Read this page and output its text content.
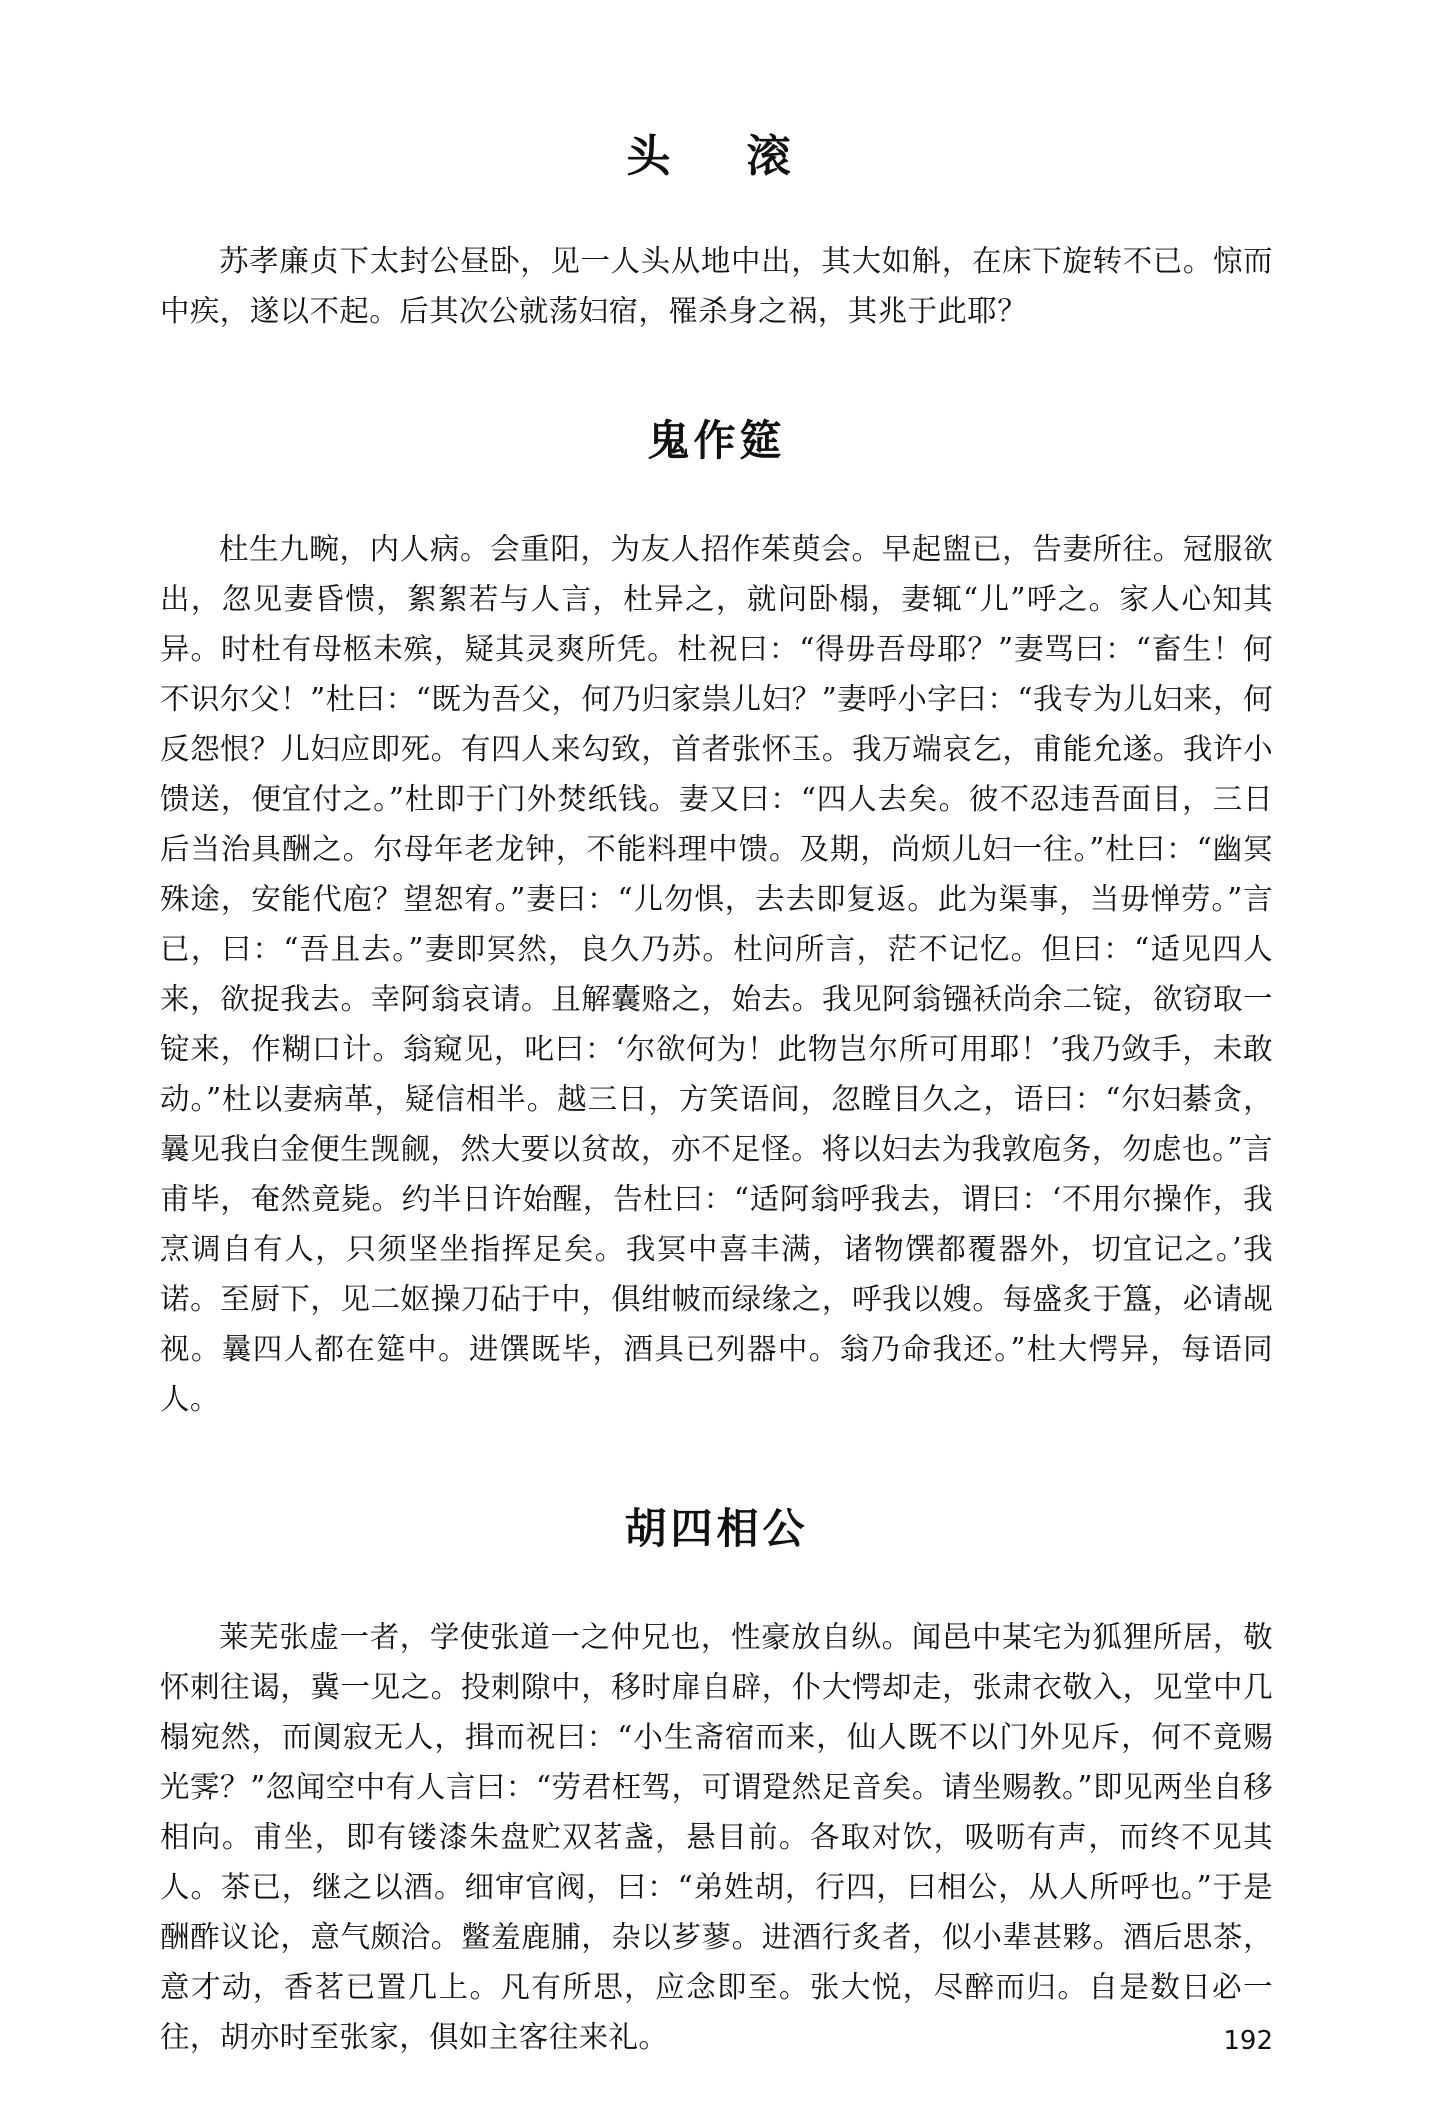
头　滚

苏孝廉贞下太封公昼卧，见一人头从地中出，其大如斛，在床下旋转不已。惊而中疾，遂以不起。后其次公就荡妇宿，罹杀身之祸，其兆于此耶？

鬼作筵

杜生九畹，内人病。会重阳，为友人招作茱萸会。早起盥已，告妻所往。冠服欲出，忽见妻昏愦，絮絮若与人言，杜异之，就问卧榻，妻辄“儿”呼之。家人心知其异。时杜有母柩未殡，疑其灵爽所凭。杜祝曰：“得毋吾母耶？”妻骂曰：“畜生！何不识尔父！”杜曰：“既为吾父，何乃归家祟儿妇？”妻呼小字曰：“我专为儿妇来，何反怨恨？儿妇应即死。有四人来勾致，首者张怀玉。我万端哀乞，甫能允遂。我许小馈送，便宜付之。”杜即于门外焚纸钱。妻又曰：“四人去矣。彼不忍违吾面目，三日后当治具酬之。尔母年老龙钟，不能料理中馈。及期，尚烦儿妇一往。”杜曰：“幽冥殊途，安能代庖？望恕宥。”妻曰：“儿勿惧，去去即复返。此为渠事，当毋惮劳。”言已，曰：“吾且去。”妻即冥然，良久乃苏。杜问所言，茫不记忆。但曰：“适见四人来，欲捉我去。幸阿翁哀请。且解囊赂之，始去。我见阿翁镪袄尚余二锭，欲窃取一锭来，作糊口计。翁窥见，叱曰：‘尔欲何为！此物岂尔所可用耶！’我乃敛手，未敢动。”杜以妻病革，疑信相半。越三日，方笑语间，忽瞠目久之，语曰：“尔妇綦贪，曩见我白金便生觊觎，然大要以贫故，亦不足怪。将以妇去为我敦庖务，勿虑也。”言甫毕，奄然竟毙。约半日许始醒，告杜曰：“适阿翁呼我去，谓曰：‘不用尔操作，我烹调自有人，只须坚坐指挥足矣。我冥中喜丰满，诸物馔都覆器外，切宜记之。’我诺。至厨下，见二妪操刀砧于中，俱绀帔而绿缘之，呼我以嫂。每盛炙于簋，必请觇视。曩四人都在筵中。进馔既毕，酒具已列器中。翁乃命我还。”杜大愕异，每语同人。

胡四相公

莱芜张虚一者，学使张道一之仲兄也，性豪放自纵。闻邑中某宅为狐狸所居，敬怀刺往谒，冀一见之。投刺隙中，移时扉自辟，仆大愕却走，张肃衣敬入，见堂中几榻宛然，而阒寂无人，揖而祝曰：“小生斋宿而来，仙人既不以门外见斥，何不竟赐光霁？”忽闻空中有人言曰：“劳君枉驾，可谓跫然足音矣。请坐赐教。”即见两坐自移相向。甫坐，即有镂漆朱盘贮双茗盏，悬目前。各取对饮，吸呖有声，而终不见其人。茶已，继之以酒。细审官阀，曰：“弟姓胡，行四，曰相公，从人所呼也。”于是酬酢议论，意气颇洽。鳖羞鹿脯，杂以芗蓼。进酒行炙者，似小辈甚夥。酒后思茶，意才动，香茗已置几上。凡有所思，应念即至。张大悦，尽醉而归。自是数日必一往，胡亦时至张家，俱如主客往来礼。	192
